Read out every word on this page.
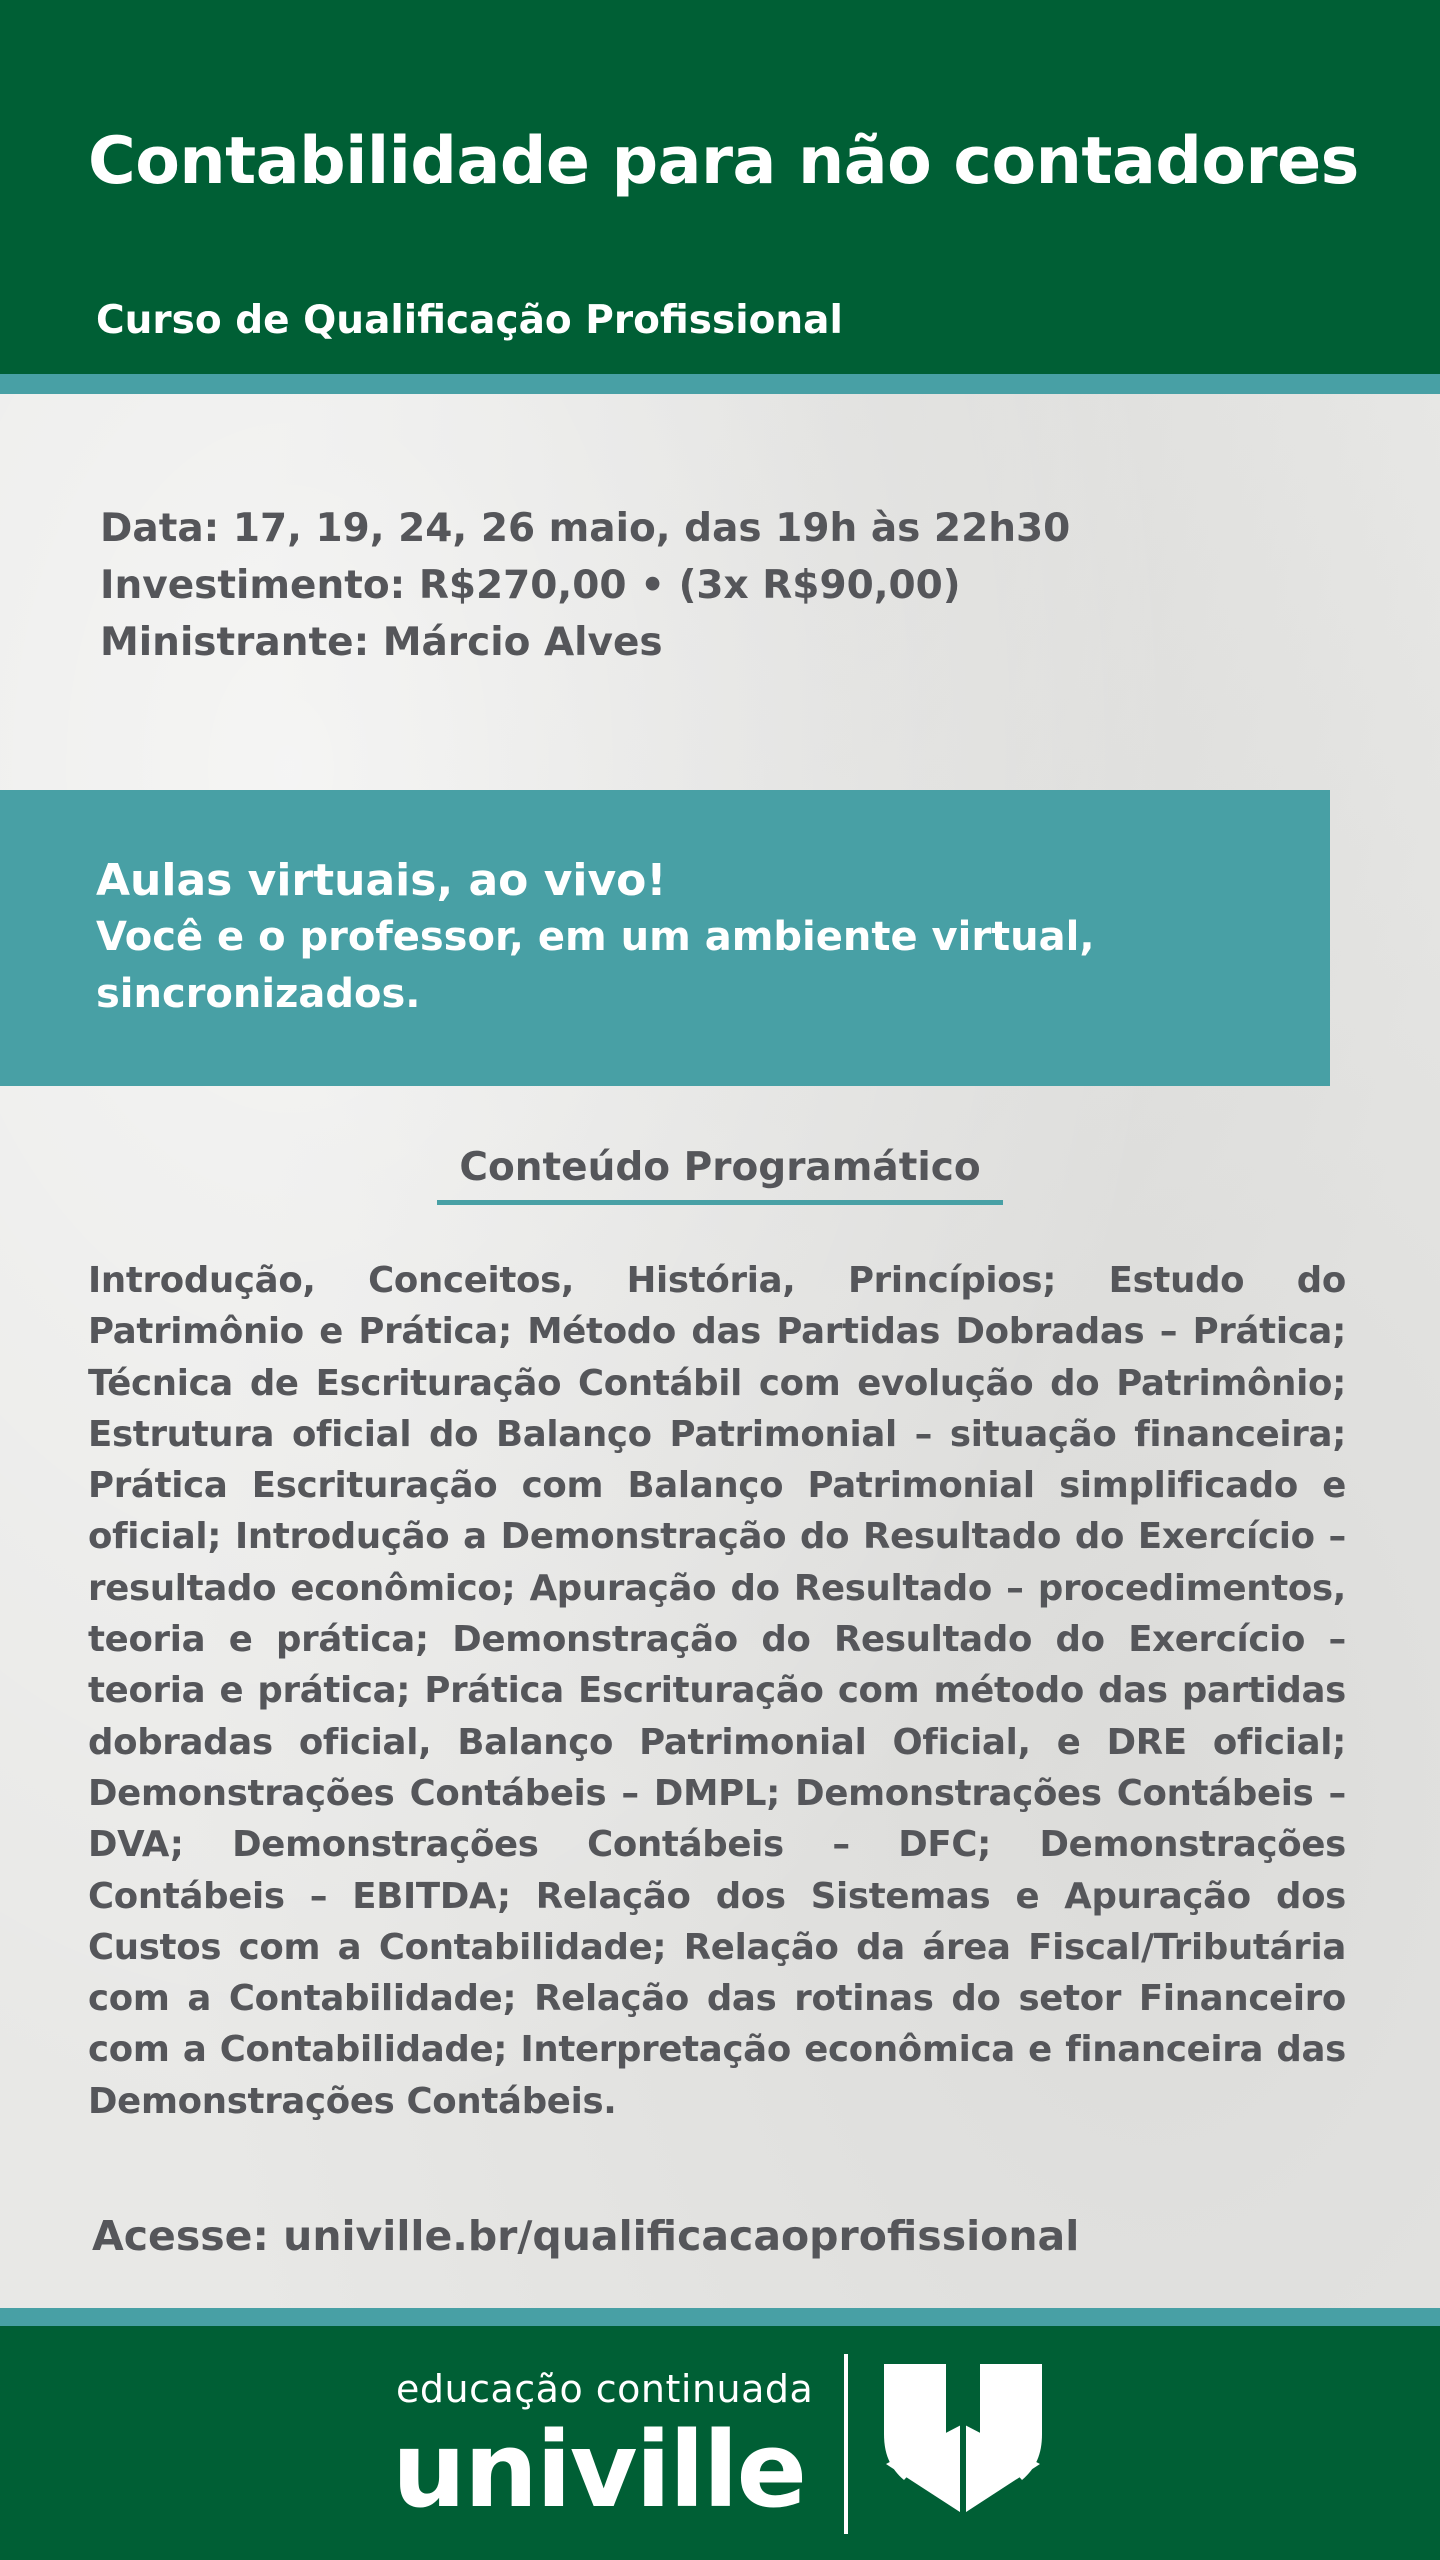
Contabilidade para não contadores
Curso de Qualificação Profissional
Data: 17, 19, 24, 26 maio, das 19h às 22h30
Investimento: R$270,00 • (3x R$90,00)
Ministrante: Márcio Alves
Aulas virtuais, ao vivo!
Você e o professor, em um ambiente virtual,
sincronizados.
Conteúdo Programático

Introdução, Conceitos, História, Princípios; Estudo do Patrimônio e Prática; Método das Partidas Dobradas – Prática; Técnica de Escrituração Contábil com evolução do Patrimônio; Estrutura oficial do Balanço Patrimonial – situação financeira; Prática Escrituração com Balanço Patrimonial simplificado e oficial; Introdução a Demonstração do Resultado do Exercício – resultado econômico; Apuração do Resultado – procedimentos, teoria e prática; Demonstração do Resultado do Exercício – teoria e prática; Prática Escrituração com método das partidas dobradas oficial, Balanço Patrimonial Oficial, e DRE oficial; Demonstrações Contábeis – DMPL; Demonstrações Contábeis – DVA; Demonstrações Contábeis – DFC; Demonstrações Contábeis – EBITDA; Relação dos Sistemas e Apuração dos Custos com a Contabilidade; Relação da área Fiscal/Tributária com a Contabilidade; Relação das rotinas do setor Financeiro com a Contabilidade; Interpretação econômica e financeira das Demonstrações Contábeis.

Acesse: univille.br/qualificacaoprofissional

educação continuada
univille
